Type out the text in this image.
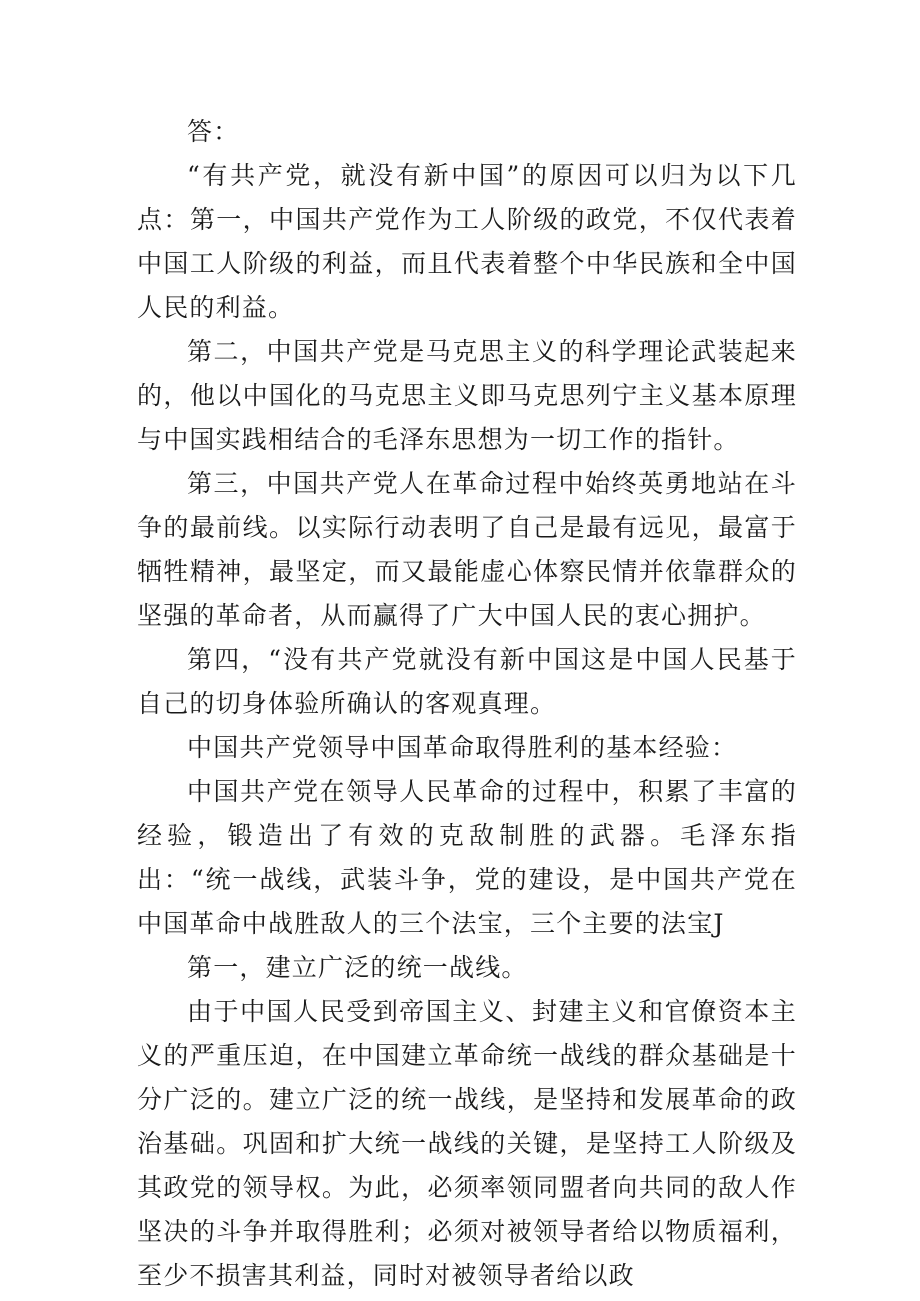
答：

“有共产党，就没有新中国”的原因可以归为以下几点：第一，中国共产党作为工人阶级的政党，不仅代表着中国工人阶级的利益，而且代表着整个中华民族和全中国人民的利益。

第二，中国共产党是马克思主义的科学理论武装起来的，他以中国化的马克思主义即马克思列宁主义基本原理与中国实践相结合的毛泽东思想为一切工作的指针。

第三，中国共产党人在革命过程中始终英勇地站在斗争的最前线。以实际行动表明了自己是最有远见，最富于牺牲精神，最坚定，而又最能虚心体察民情并依靠群众的坚强的革命者，从而赢得了广大中国人民的衷心拥护。

第四，“没有共产党就没有新中国这是中国人民基于自己的切身体验所确认的客观真理。

中国共产党领导中国革命取得胜利的基本经验：

中国共产党在领导人民革命的过程中，积累了丰富的经验，锻造出了有效的克敌制胜的武器。毛泽东指出：“统一战线，武装斗争，党的建设，是中国共产党在中国革命中战胜敌人的三个法宝，三个主要的法宝J

第一，建立广泛的统一战线。

由于中国人民受到帝国主义、封建主义和官僚资本主义的严重压迫，在中国建立革命统一战线的群众基础是十分广泛的。建立广泛的统一战线，是坚持和发展革命的政治基础。巩固和扩大统一战线的关键，是坚持工人阶级及其政党的领导权。为此，必须率领同盟者向共同的敌人作坚决的斗争并取得胜利；必须对被领导者给以物质福利，至少不损害其利益，同时对被领导者给以政
